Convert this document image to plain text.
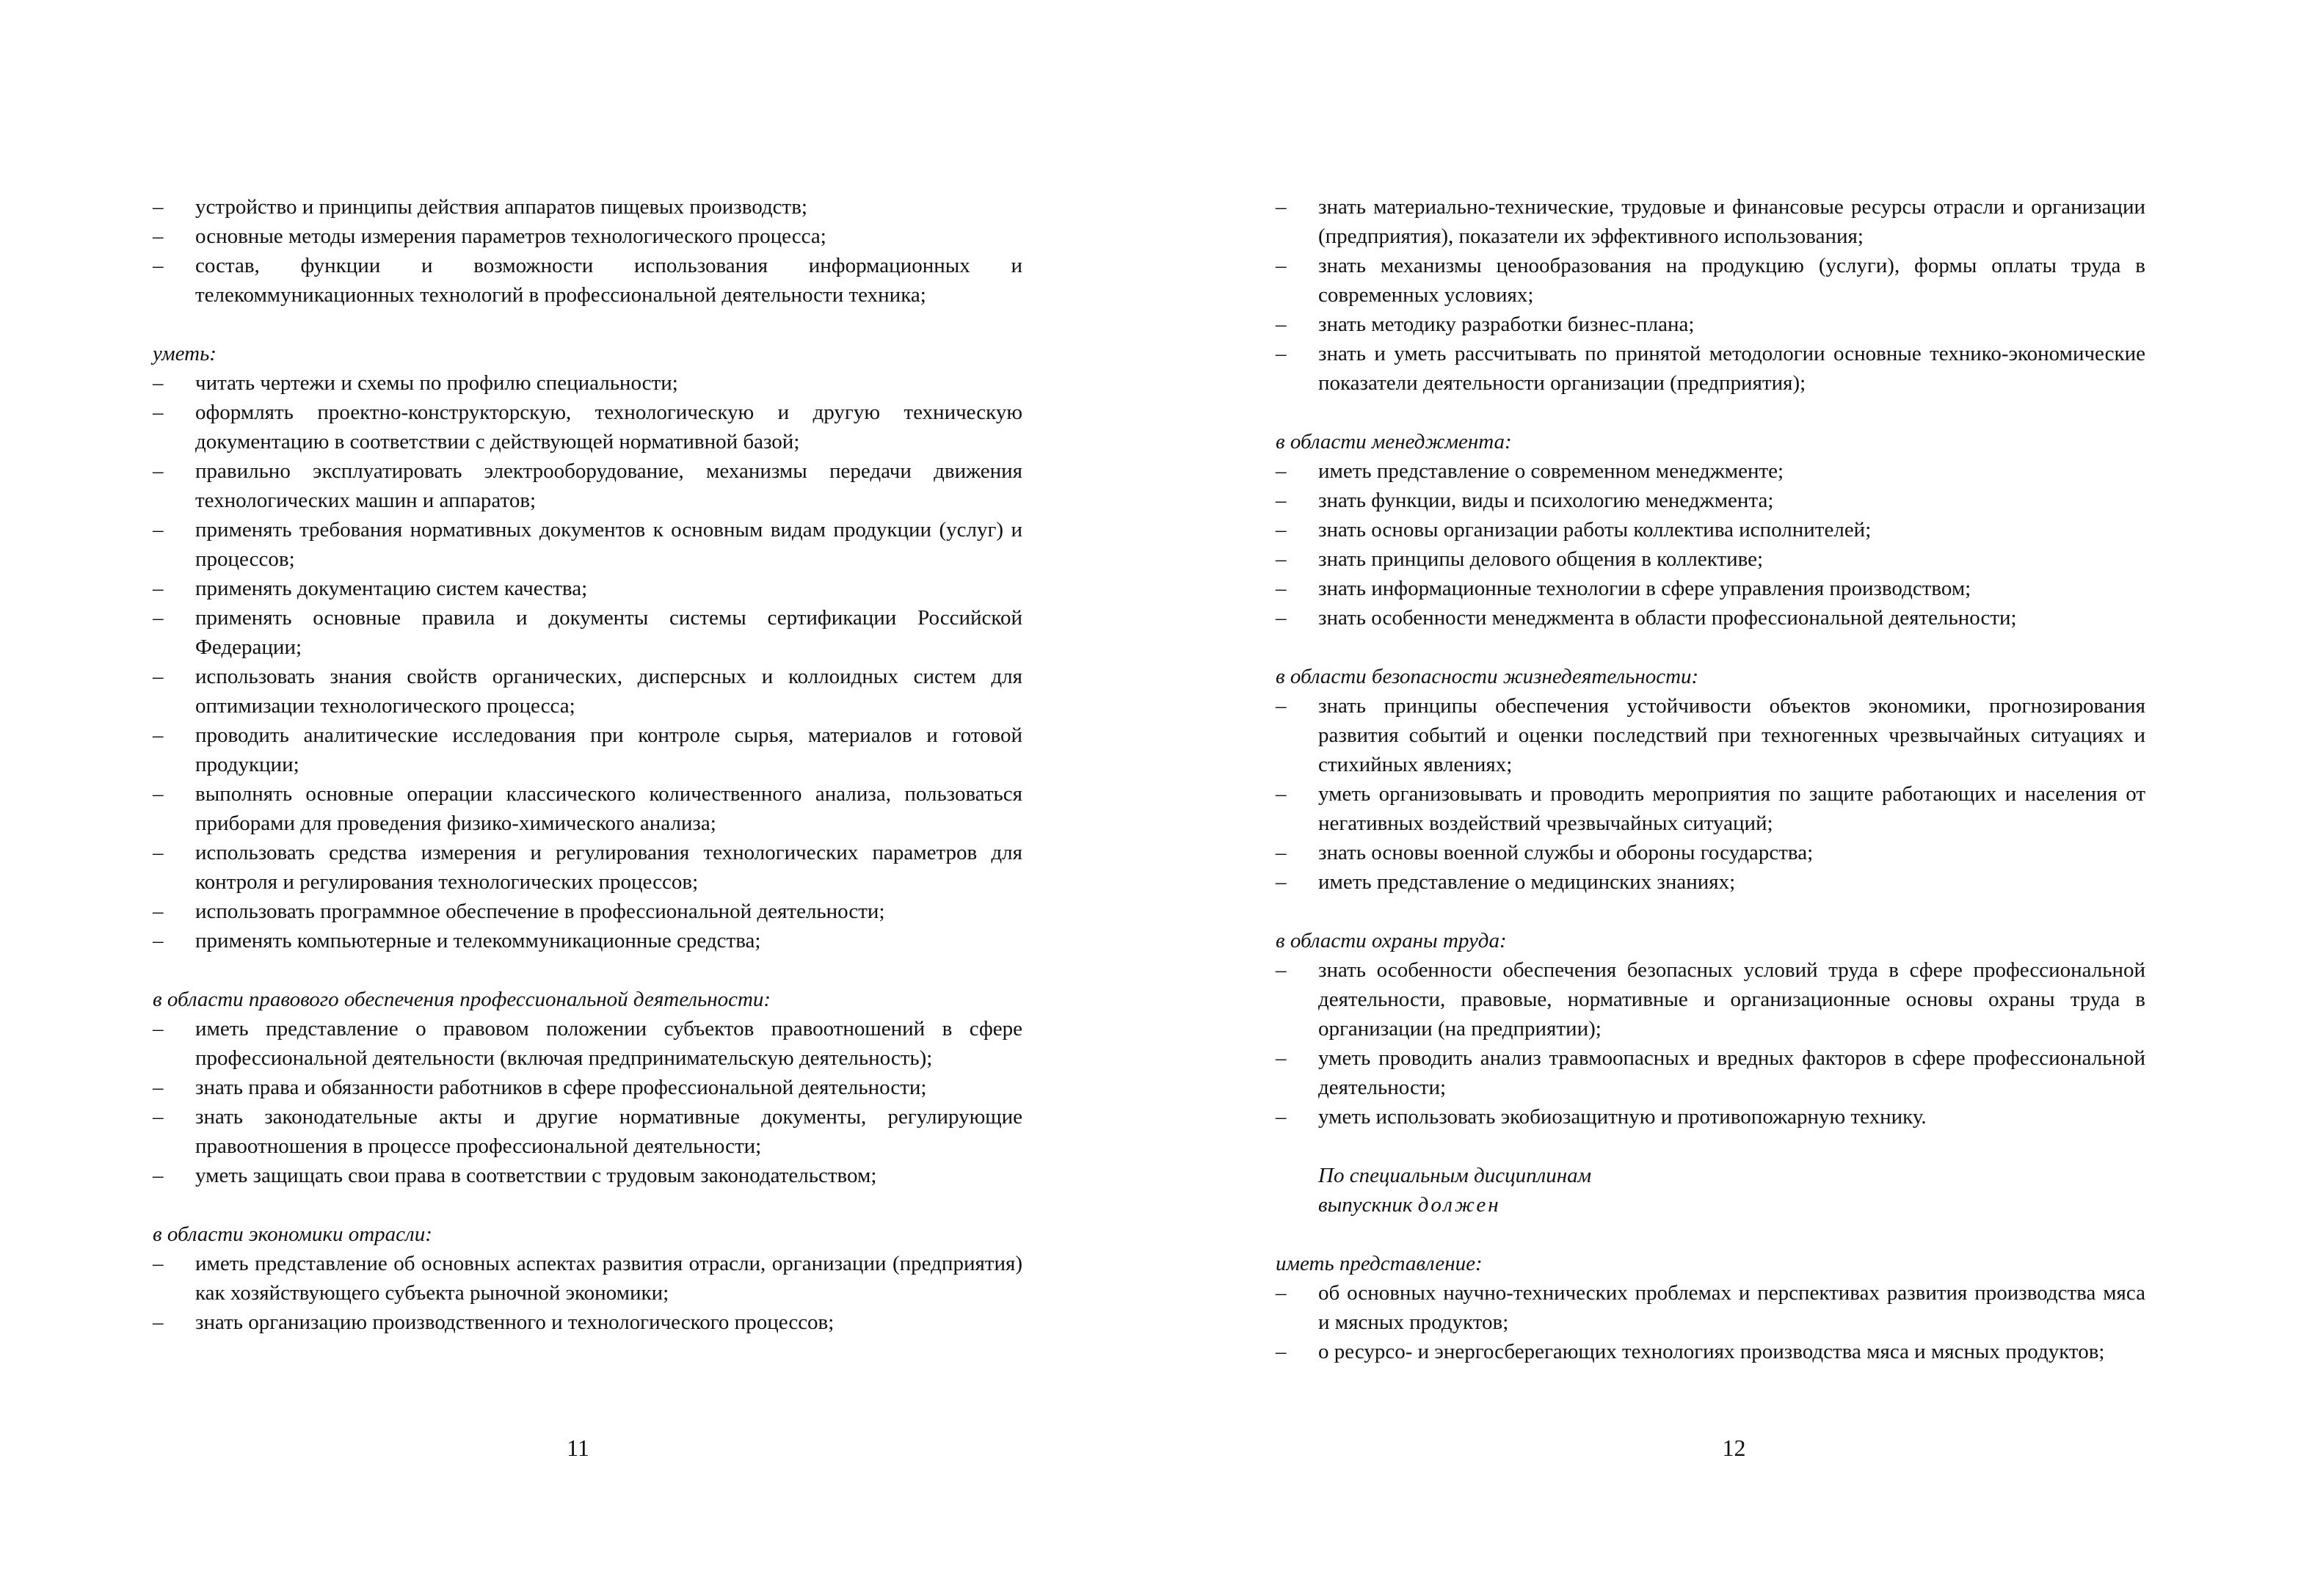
– устройство и принципы действия аппаратов пищевых производств;
– основные методы измерения параметров технологического процесса;
– состав, функции и возможности использования информационных и телекоммуникационных технологий в профессиональной деятельности техника;

уметь:

– читать чертежи и схемы по профилю специальности;
– оформлять проектно-конструкторскую, технологическую и другую техническую документацию в соответствии с действующей нормативной базой;
– правильно эксплуатировать электрооборудование, механизмы передачи движения технологических машин и аппаратов;
– применять требования нормативных документов к основным видам продукции (услуг) и процессов;
– применять документацию систем качества;
– применять основные правила и документы системы сертификации Российской Федерации;
– использовать знания свойств органических, дисперсных и коллоидных систем для оптимизации технологического процесса;
– проводить аналитические исследования при контроле сырья, материалов и готовой продукции;
– выполнять основные операции классического количественного анализа, пользоваться приборами для проведения физико-химического анализа;
– использовать средства измерения и регулирования технологических параметров для контроля и регулирования технологических процессов;
– использовать программное обеспечение в профессиональной деятельности;
– применять компьютерные и телекоммуникационные средства;

в области правового обеспечения профессиональной деятельности:

– иметь представление о правовом положении субъектов правоотношений в сфере профессиональной деятельности (включая предпринимательскую деятельность);
– знать права и обязанности работников в сфере профессиональной деятельности;
– знать законодательные акты и другие нормативные документы, регулирующие правоотношения в процессе профессиональной деятельности;
– уметь защищать свои права в соответствии с трудовым законодательством;

в области экономики отрасли:

– иметь представление об основных аспектах развития отрасли, организации (предприятия) как хозяйствующего субъекта рыночной экономики;
– знать организацию производственного и технологического процессов;
11
– знать материально-технические, трудовые и финансовые ресурсы отрасли и организации (предприятия), показатели их эффективного использования;
– знать механизмы ценообразования на продукцию (услуги), формы оплаты труда в современных условиях;
– знать методику разработки бизнес-плана;
– знать и уметь рассчитывать по принятой методологии основные технико-экономические показатели деятельности организации (предприятия);

в области менеджмента:

– иметь представление о современном менеджменте;
– знать функции, виды и психологию менеджмента;
– знать основы организации работы коллектива исполнителей;
– знать принципы делового общения в коллективе;
– знать информационные технологии в сфере управления производством;
– знать особенности менеджмента в области профессиональной деятельности;

в области безопасности жизнедеятельности:

– знать принципы обеспечения устойчивости объектов экономики, прогнозирования развития событий и оценки последствий при техногенных чрезвычайных ситуациях и стихийных явлениях;
– уметь организовывать и проводить мероприятия по защите работающих и населения от негативных воздействий чрезвычайных ситуаций;
– знать основы военной службы и обороны государства;
– иметь представление о медицинских знаниях;

в области охраны труда:

– знать особенности обеспечения безопасных условий труда в сфере профессиональной деятельности, правовые, нормативные и организационные основы охраны труда в организации (на предприятии);
– уметь проводить анализ травмоопасных и вредных факторов в сфере профессиональной деятельности;
– уметь использовать экобиозащитную и противопожарную технику.

По специальным дисциплинам

выпускник должен

иметь представление:

– об основных научно-технических проблемах и перспективах развития производства мяса и мясных продуктов;
– о ресурсо- и энергосберегающих технологиях производства мяса и мясных продуктов;
12
